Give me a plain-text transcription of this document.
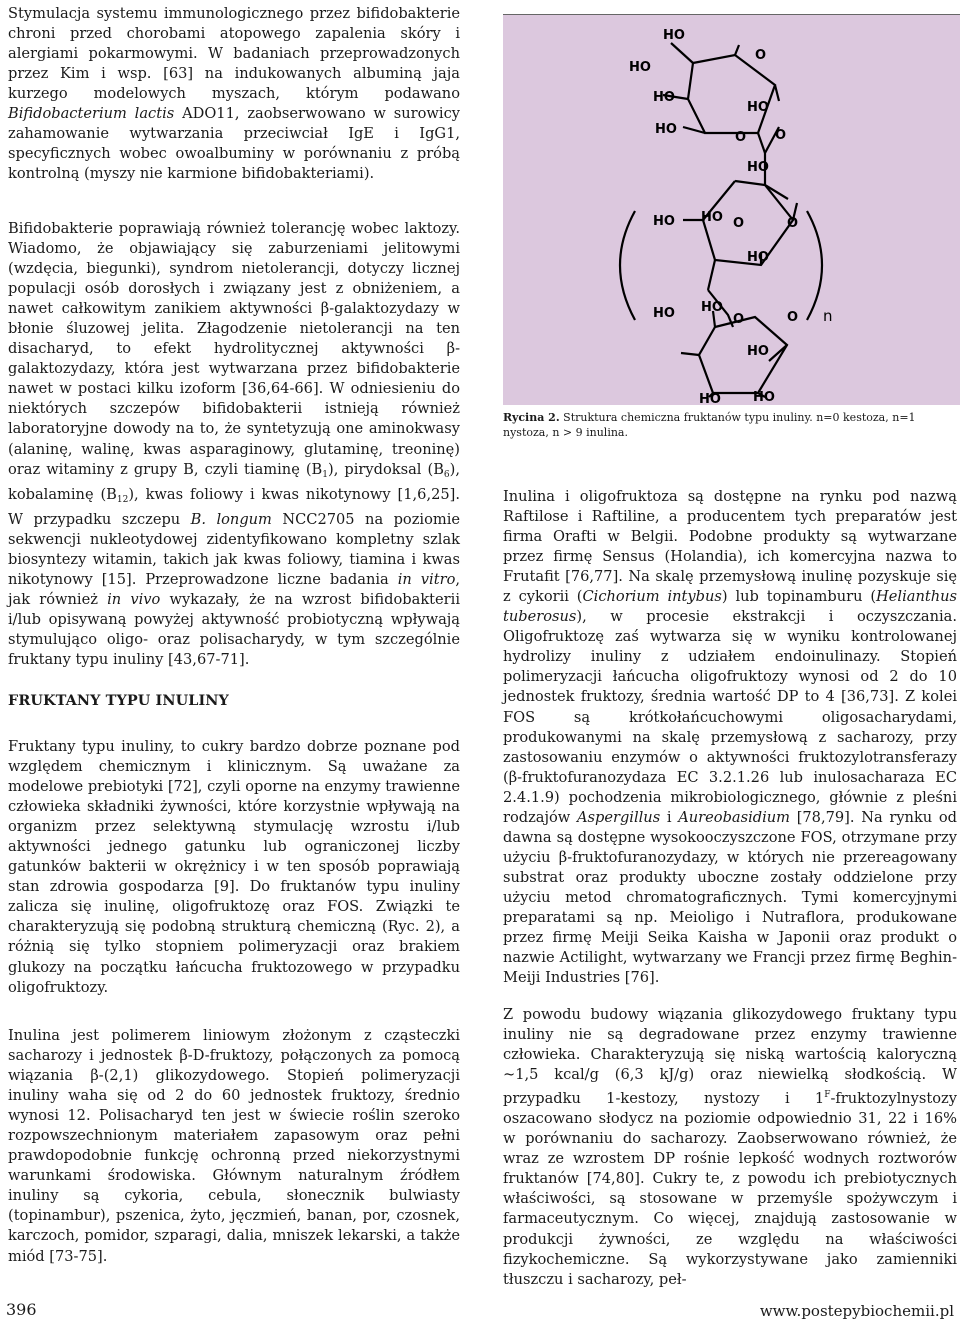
Stymulacja systemu immunologicznego przez bifidobakterie chroni przed chorobami atopowego zapalenia skóry i alergiami pokarmowymi. W badaniach przeprowadzonych przez Kim i wsp. [63] na indukowanych albuminą jaja kurzego modelowych myszach, którym podawano Bifidobacterium lactis ADO11, zaobserwowano w surowicy zahamowanie wytwarzania przeciwciał IgE i IgG1, specyficznych wobec owoalbuminy w porównaniu z próbą kontrolną (myszy nie karmione bifidobakteriami).

Bifidobakterie poprawiają również tolerancję wobec laktozy. Wiadomo, że objawiający się zaburzeniami jelitowymi (wzdęcia, biegunki), syndrom nietolerancji, dotyczy licznej populacji osób dorosłych i związany jest z obniżeniem, a nawet całkowitym zanikiem aktywności β-galaktozydazy w błonie śluzowej jelita. Złagodzenie nietolerancji na ten disacharyd, to efekt hydrolitycznej aktywności β-galaktozydazy, która jest wytwarzana przez bifidobakterie nawet w postaci kilku izoform [36,64-66]. W odniesieniu do niektórych szczepów bifidobakterii istnieją również laboratoryjne dowody na to, że syntetyzują one aminokwasy (alaninę, walinę, kwas asparaginowy, glutaminę, treoninę) oraz witaminy z grupy B, czyli tiaminę $(B_1)$, pirydoksal $(B_6)$, kobalaminę $(B_{12})$, kwas foliowy i kwas nikotynowy [1,6,25]. W przypadku szczepu B. longum NCC2705 na poziomie sekwencji nukleotydowej zidentyfikowano kompletny szlak biosyntezy witamin, takich jak kwas foliowy, tiamina i kwas nikotynowy [15]. Przeprowadzone liczne badania in vitro, jak również in vivo wykazały, że na wzrost bifidobakterii i/lub opisywaną powyżej aktywność probiotyczną wpływają stymulująco oligo- oraz polisacharydy, w tym szczególnie fruktany typu inuliny [43,67-71].

FRUKTANY TYPU INULINY

Fruktany typu inuliny, to cukry bardzo dobrze poznane pod względem chemicznym i klinicznym. Są uważane za modelowe prebiotyki [72], czyli oporne na enzymy trawienne człowieka składniki żywności, które korzystnie wpływają na organizm przez selektywną stymulację wzrostu i/lub aktywności jednego gatunku lub ograniczonej liczby gatunków bakterii w okrężnicy i w ten sposób poprawiają stan zdrowia gospodarza [9]. Do fruktanów typu inuliny zalicza się inulinę, oligofruktozę oraz FOS. Związki te charakteryzują się podobną strukturą chemiczną (Ryc. 2), a różnią się tylko stopniem polimeryzacji oraz brakiem glukozy na początku łańcucha fruktozowego w przypadku oligofruktozy.

Inulina jest polimerem liniowym złożonym z cząsteczki sacharozy i jednostek β-D-fruktozy, połączonych za pomocą wiązania β-(2,1) glikozydowego. Stopień polimeryzacji inuliny waha się od 2 do 60 jednostek fruktozy, średnio wynosi 12. Polisacharyd ten jest w świecie roślin szeroko rozpowszechnionym materiałem zapasowym oraz pełni prawdopodobnie funkcję ochronną przed niekorzystnymi warunkami środowiska. Głównym naturalnym źródłem inuliny są cykoria, cebula, słonecznik bulwiasty (topinambur), pszenica, żyto, jęczmień, banan, por, czosnek, karczoch, pomidor, szparagi, dalia, mniszek lekarski, a także miód [73-75].

HO
HO
HO
HO
O
HO
O O
HO
HO HO O	O
HO
HO HO
O	O n
HO
HO HO
Rycina 2. Struktura chemiczna fruktanów typu inuliny. n=0 kestoza, n=1 nystoza, n > 9 inulina.

Inulina i oligofruktoza są dostępne na rynku pod nazwą Raftilose i Raftiline, a producentem tych preparatów jest firma Orafti w Belgii. Podobne produkty są wytwarzane przez firmę Sensus (Holandia), ich komercyjna nazwa to Frutafit [76,77]. Na skalę przemysłową inulinę pozyskuje się z cykorii (Cichorium intybus) lub topinamburu (Helianthus tuberosus), w procesie ekstrakcji i oczyszczania. Oligofruktozę zaś wytwarza się w wyniku kontrolowanej hydrolizy inuliny z udziałem endoinulinazy. Stopień polimeryzacji łańcucha oligofruktozy wynosi od 2 do 10 jednostek fruktozy, średnia wartość DP to 4 [36,73]. Z kolei FOS są krótkołańcuchowymi oligosacharydami, produkowanymi na skalę przemysłową z sacharozy, przy zastosowaniu enzymów o aktywności fruktozylotransferazy (β-fruktofuranozydaza EC 3.2.1.26 lub inulosacharaza EC 2.4.1.9) pochodzenia mikrobiologicznego, głównie z pleśni rodzajów Aspergillus i Aureobasidium [78,79]. Na rynku od dawna są dostępne wysokooczyszczone FOS, otrzymane przy użyciu β-fruktofuranozydazy, w których nie przereagowany substrat oraz produkty uboczne zostały oddzielone przy użyciu metod chromatograficznych. Tymi komercyjnymi preparatami są np. Meioligo i Nutraflora, produkowane przez firmę Meiji Seika Kaisha w Japonii oraz produkt o nazwie Actilight, wytwarzany we Francji przez firmę Beghin-Meiji Industries [76].

Z powodu budowy wiązania glikozydowego fruktany typu inuliny nie są degradowane przez enzymy trawienne człowieka. Charakteryzują się niską wartością kaloryczną ~1,5 kcal/g (6,3 kJ/g) oraz niewielką słodkością. W przypadku 1-kestozy, nystozy i $1^F$-fruktozylnystozy oszacowano słodycz na poziomie odpowiednio 31, 22 i 16% w porównaniu do sacharozy. Zaobserwowano również, że wraz ze wzrostem DP rośnie lepkość wodnych roztworów fruktanów [74,80]. Cukry te, z powodu ich prebiotycznych właściwości, są stosowane w przemyśle spożywczym i farmaceutycznym. Co więcej, znajdują zastosowanie w produkcji żywności, ze względu na właściwości fizykochemiczne. Są wykorzystywane jako zamienniki tłuszczu i sacharozy, peł-

396	www.postepybiochemii.pl
